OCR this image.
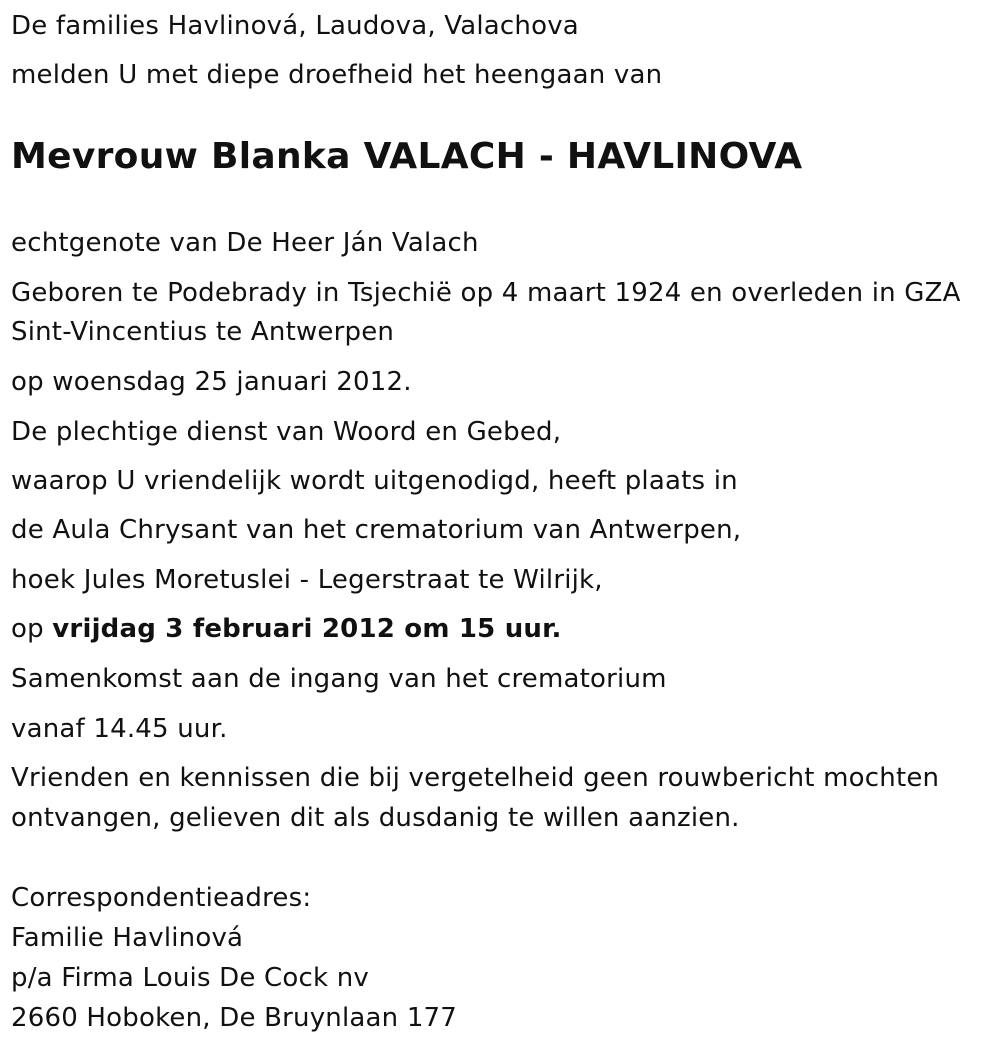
De families Havlinová, Laudova, Valachova
melden U met diepe droefheid het heengaan van
Mevrouw Blanka VALACH - HAVLINOVA
echtgenote van De Heer Ján Valach
Geboren te Podebrady in Tsjechië op 4 maart 1924 en overleden in GZA
Sint-Vincentius te Antwerpen
op woensdag 25 januari 2012.
De plechtige dienst van Woord en Gebed,
waarop U vriendelijk wordt uitgenodigd, heeft plaats in
de Aula Chrysant van het crematorium van Antwerpen,
hoek Jules Moretuslei - Legerstraat te Wilrijk,
op vrijdag 3 februari 2012 om 15 uur.
Samenkomst aan de ingang van het crematorium
vanaf 14.45 uur.
Vrienden en kennissen die bij vergetelheid geen rouwbericht mochten
ontvangen, gelieven dit als dusdanig te willen aanzien.
Correspondentieadres:
Familie Havlinová
p/a Firma Louis De Cock nv
2660 Hoboken, De Bruynlaan 177
